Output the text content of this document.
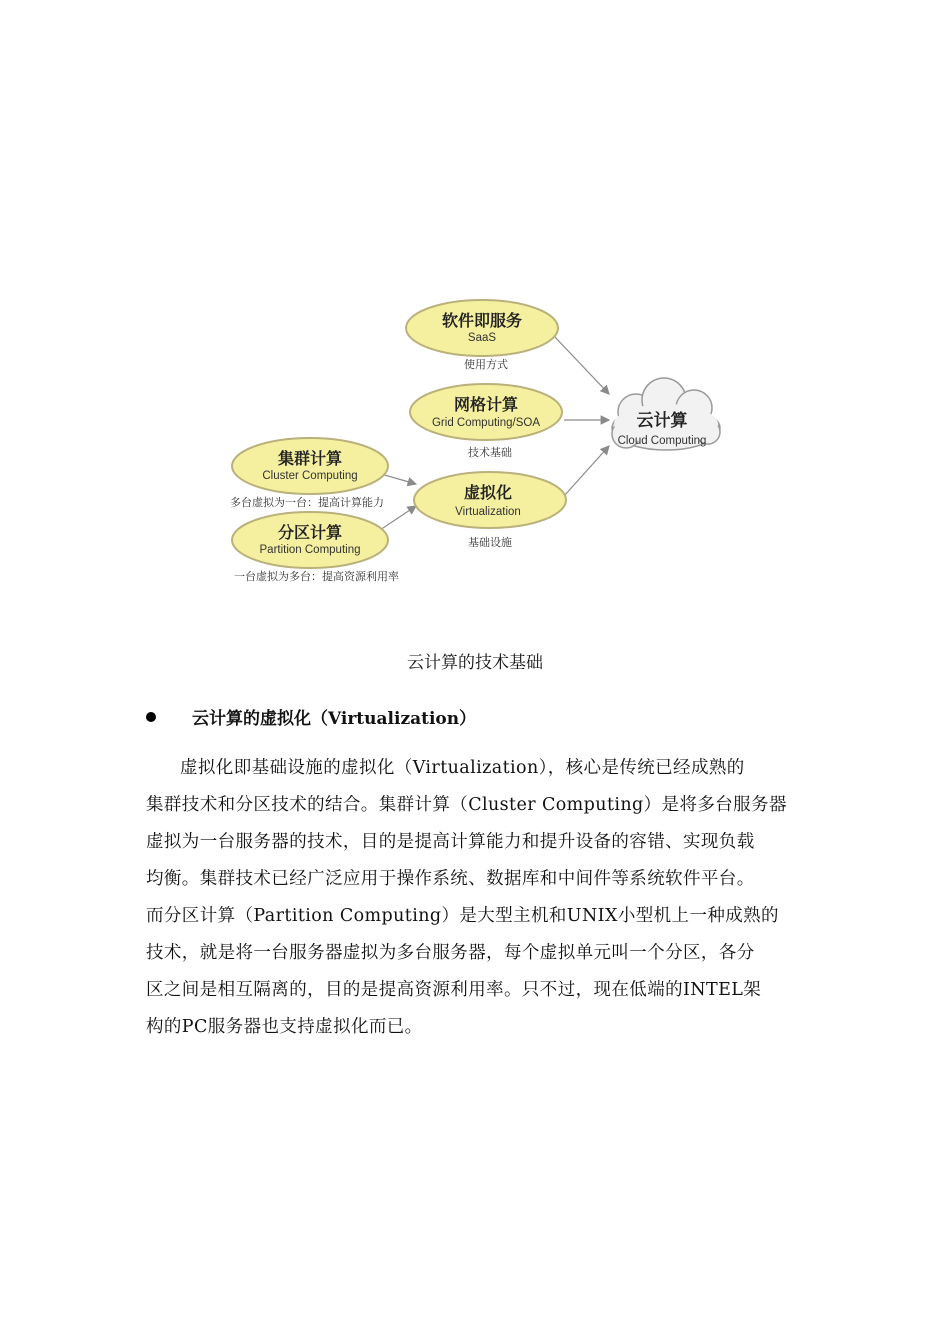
软件即服务
SaaS
使用方式
网格计算
Grid Computing/SOA
技术基础
云计算
Cloud Computing
集群计算
Cluster Computing
多台虚拟为一台：提高计算能力
虚拟化
Virtualization
基础设施
分区计算
Partition Computing
一台虚拟为多台：提高资源利用率
云计算的技术基础
云计算的虚拟化（Virtualization）
虚拟化即基础设施的虚拟化（Virtualization），核心是传统已经成熟的
集群技术和分区技术的结合。集群计算（Cluster Computing）是将多台服务器
虚拟为一台服务器的技术，目的是提高计算能力和提升设备的容错、实现负载
均衡。集群技术已经广泛应用于操作系统、数据库和中间件等系统软件平台。
而分区计算（Partition Computing）是大型主机和UNIX小型机上一种成熟的
技术，就是将一台服务器虚拟为多台服务器，每个虚拟单元叫一个分区，各分
区之间是相互隔离的，目的是提高资源利用率。只不过，现在低端的INTEL架
构的PC服务器也支持虚拟化而已。
